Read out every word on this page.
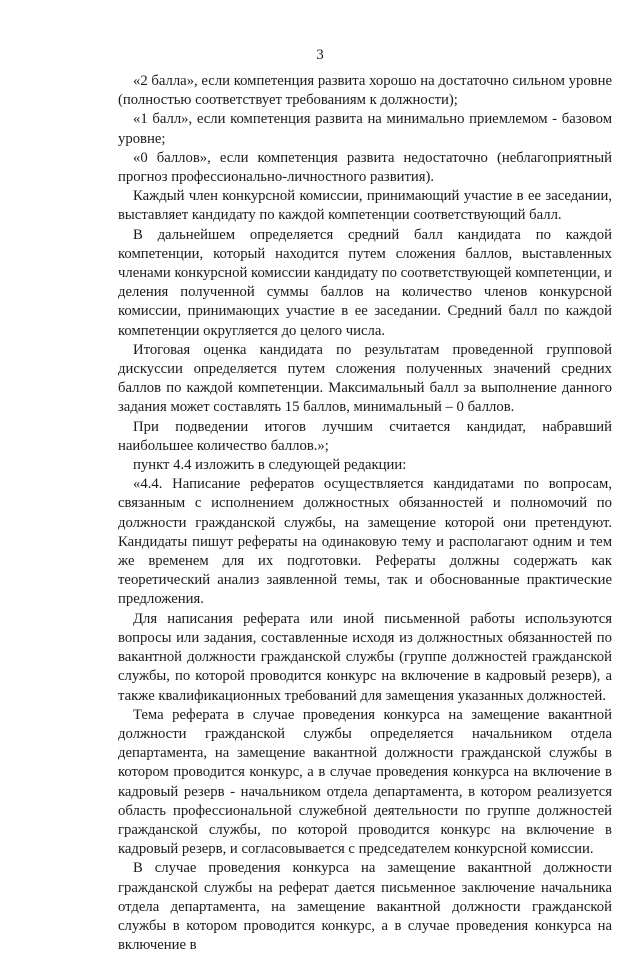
3

«2 балла», если компетенция развита хорошо на достаточно сильном уровне (полностью соответствует требованиям к должности);

«1 балл», если компетенция развита на минимально приемлемом - базовом уровне;

«0 баллов», если компетенция развита недостаточно (неблагоприятный прогноз профессионально-личностного развития).

Каждый член конкурсной комиссии, принимающий участие в ее заседании, выставляет кандидату по каждой компетенции соответствующий балл.

В дальнейшем определяется средний балл кандидата по каждой компетенции, который находится путем сложения баллов, выставленных членами конкурсной комиссии кандидату по соответствующей компетенции, и деления полученной суммы баллов на количество членов конкурсной комиссии, принимающих участие в ее заседании. Средний балл по каждой компетенции округляется до целого числа.

Итоговая оценка кандидата по результатам проведенной групповой дискуссии определяется путем сложения полученных значений средних баллов по каждой компетенции. Максимальный балл за выполнение данного задания может составлять 15 баллов, минимальный – 0 баллов.

При подведении итогов лучшим считается кандидат, набравший наибольшее количество баллов.»;

пункт 4.4 изложить в следующей редакции:

«4.4. Написание рефератов осуществляется кандидатами по вопросам, связанным с исполнением должностных обязанностей и полномочий по должности гражданской службы, на замещение которой они претендуют. Кандидаты пишут рефераты на одинаковую тему и располагают одним и тем же временем для их подготовки. Рефераты должны содержать как теоретический анализ заявленной темы, так и обоснованные практические предложения.

Для написания реферата или иной письменной работы используются вопросы или задания, составленные исходя из должностных обязанностей по вакантной должности гражданской службы (группе должностей гражданской службы, по которой проводится конкурс на включение в кадровый резерв), а также квалификационных требований для замещения указанных должностей.

Тема реферата в случае проведения конкурса на замещение вакантной должности гражданской службы определяется начальником отдела департамента, на замещение вакантной должности гражданской службы в котором проводится конкурс, а в случае проведения конкурса на включение в кадровый резерв - начальником отдела департамента, в котором реализуется область профессиональной служебной деятельности по группе должностей гражданской службы, по которой проводится конкурс на включение в кадровый резерв, и согласовывается с председателем конкурсной комиссии.

В случае проведения конкурса на замещение вакантной должности гражданской службы на реферат дается письменное заключение начальника отдела департамента, на замещение вакантной должности гражданской службы в котором проводится конкурс, а в случае проведения конкурса на включение в
